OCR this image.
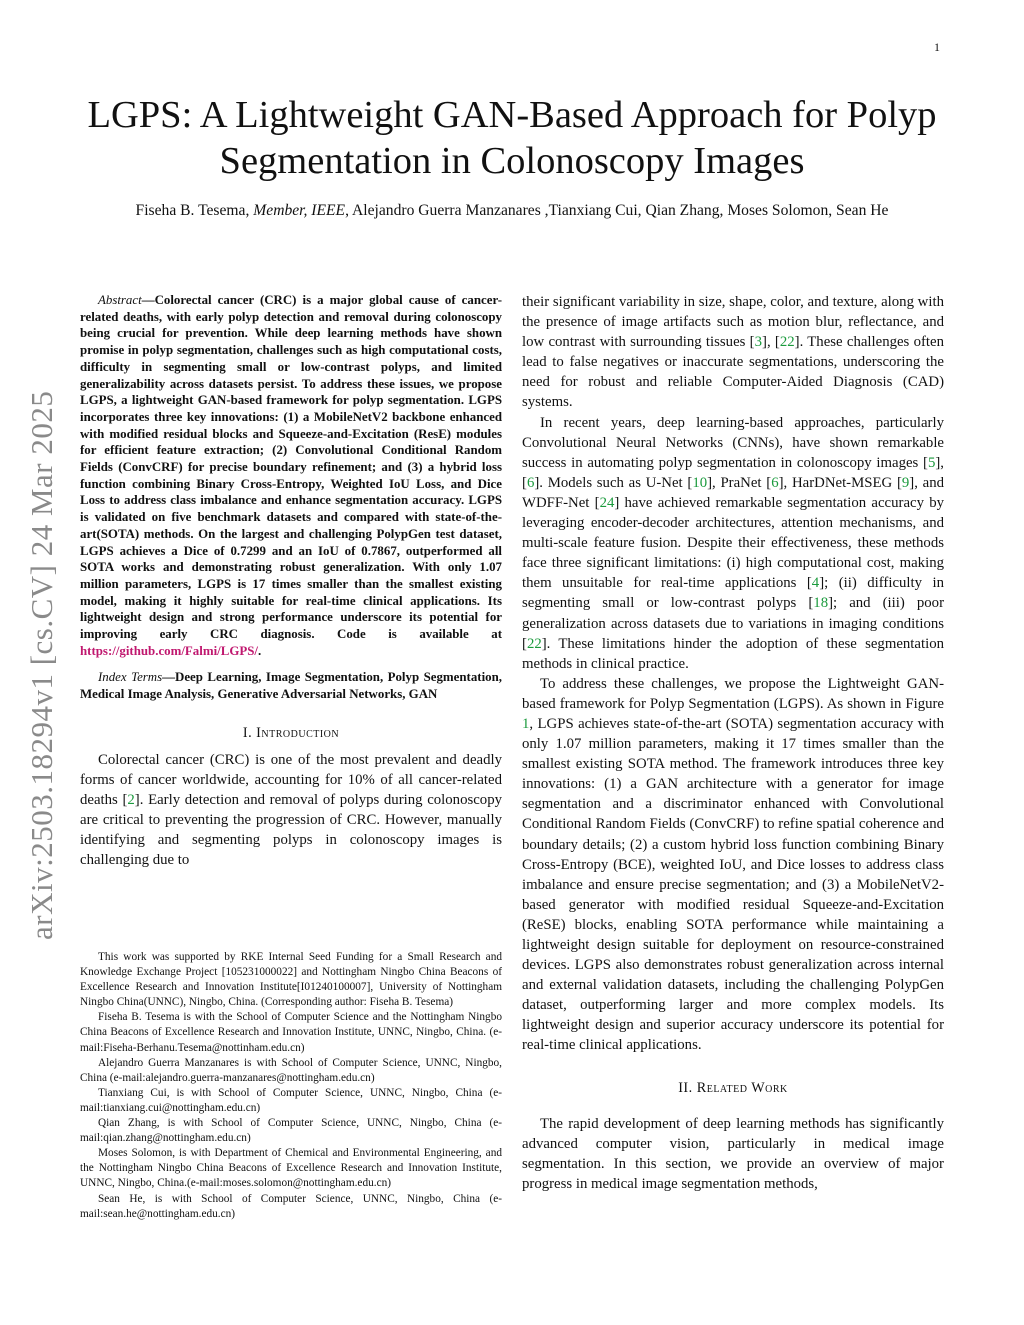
1
arXiv:2503.18294v1 [cs.CV] 24 Mar 2025
LGPS: A Lightweight GAN-Based Approach for Polyp Segmentation in Colonoscopy Images
Fiseha B. Tesema, Member, IEEE, Alejandro Guerra Manzanares ,Tianxiang Cui, Qian Zhang, Moses Solomon, Sean He

Abstract—Colorectal cancer (CRC) is a major global cause of cancer-related deaths, with early polyp detection and removal during colonoscopy being crucial for prevention. While deep learning methods have shown promise in polyp segmentation, challenges such as high computational costs, difficulty in segmenting small or low-contrast polyps, and limited generalizability across datasets persist. To address these issues, we propose LGPS, a lightweight GAN-based framework for polyp segmentation. LGPS incorporates three key innovations: (1) a MobileNetV2 backbone enhanced with modified residual blocks and Squeeze-and-Excitation (ResE) modules for efficient feature extraction; (2) Convolutional Conditional Random Fields (ConvCRF) for precise boundary refinement; and (3) a hybrid loss function combining Binary Cross-Entropy, Weighted IoU Loss, and Dice Loss to address class imbalance and enhance segmentation accuracy. LGPS is validated on five benchmark datasets and compared with state-of-the-art(SOTA) methods. On the largest and challenging PolypGen test dataset, LGPS achieves a Dice of 0.7299 and an IoU of 0.7867, outperformed all SOTA works and demonstrating robust generalization. With only 1.07 million parameters, LGPS is 17 times smaller than the smallest existing model, making it highly suitable for real-time clinical applications. Its lightweight design and strong performance underscore its potential for improving early CRC diagnosis. Code is available at https://github.com/Falmi/LGPS/.

Index Terms—Deep Learning, Image Segmentation, Polyp Segmentation, Medical Image Analysis, Generative Adversarial Networks, GAN

I. Introduction

Colorectal cancer (CRC) is one of the most prevalent and deadly forms of cancer worldwide, accounting for 10% of all cancer-related deaths [2]. Early detection and removal of polyps during colonoscopy are critical to preventing the progression of CRC. However, manually identifying and segmenting polyps in colonoscopy images is challenging due to

This work was supported by RKE Internal Seed Funding for a Small Research and Knowledge Exchange Project [105231000022] and Nottingham Ningbo China Beacons of Excellence Research and Innovation Institute[I01240100007], University of Nottingham Ningbo China(UNNC), Ningbo, China. (Corresponding author: Fiseha B. Tesema)

Fiseha B. Tesema is with the School of Computer Science and the Nottingham Ningbo China Beacons of Excellence Research and Innovation Institute, UNNC, Ningbo, China. (e-mail:Fiseha-Berhanu.Tesema@nottinham.edu.cn)

Alejandro Guerra Manzanares is with School of Computer Science, UNNC, Ningbo, China (e-mail:alejandro.guerra-manzanares@nottingham.edu.cn)

Tianxiang Cui, is with School of Computer Science, UNNC, Ningbo, China (e-mail:tianxiang.cui@nottingham.edu.cn)

Qian Zhang, is with School of Computer Science, UNNC, Ningbo, China (e-mail:qian.zhang@nottingham.edu.cn)

Moses Solomon, is with Department of Chemical and Environmental Engineering, and the Nottingham Ningbo China Beacons of Excellence Research and Innovation Institute, UNNC, Ningbo, China.(e-mail:moses.solomon@nottingham.edu.cn)

Sean He, is with School of Computer Science, UNNC, Ningbo, China (e-mail:sean.he@nottingham.edu.cn)

their significant variability in size, shape, color, and texture, along with the presence of image artifacts such as motion blur, reflectance, and low contrast with surrounding tissues [3], [22]. These challenges often lead to false negatives or inaccurate segmentations, underscoring the need for robust and reliable Computer-Aided Diagnosis (CAD) systems.

In recent years, deep learning-based approaches, particularly Convolutional Neural Networks (CNNs), have shown remarkable success in automating polyp segmentation in colonoscopy images [5], [6]. Models such as U-Net [10], PraNet [6], HarDNet-MSEG [9], and WDFF-Net [24] have achieved remarkable segmentation accuracy by leveraging encoder-decoder architectures, attention mechanisms, and multi-scale feature fusion. Despite their effectiveness, these methods face three significant limitations: (i) high computational cost, making them unsuitable for real-time applications [4]; (ii) difficulty in segmenting small or low-contrast polyps [18]; and (iii) poor generalization across datasets due to variations in imaging conditions [22]. These limitations hinder the adoption of these segmentation methods in clinical practice.

To address these challenges, we propose the Lightweight GAN-based framework for Polyp Segmentation (LGPS). As shown in Figure 1, LGPS achieves state-of-the-art (SOTA) segmentation accuracy with only 1.07 million parameters, making it 17 times smaller than the smallest existing SOTA method. The framework introduces three key innovations: (1) a GAN architecture with a generator for image segmentation and a discriminator enhanced with Convolutional Conditional Random Fields (ConvCRF) to refine spatial coherence and boundary details; (2) a custom hybrid loss function combining Binary Cross-Entropy (BCE), weighted IoU, and Dice losses to address class imbalance and ensure precise segmentation; and (3) a MobileNetV2-based generator with modified residual Squeeze-and-Excitation (ReSE) blocks, enabling SOTA performance while maintaining a lightweight design suitable for deployment on resource-constrained devices. LGPS also demonstrates robust generalization across internal and external validation datasets, including the challenging PolypGen dataset, outperforming larger and more complex models. Its lightweight design and superior accuracy underscore its potential for real-time clinical applications.

II. Related Work

The rapid development of deep learning methods has significantly advanced computer vision, particularly in medical image segmentation. In this section, we provide an overview of major progress in medical image segmentation methods,
